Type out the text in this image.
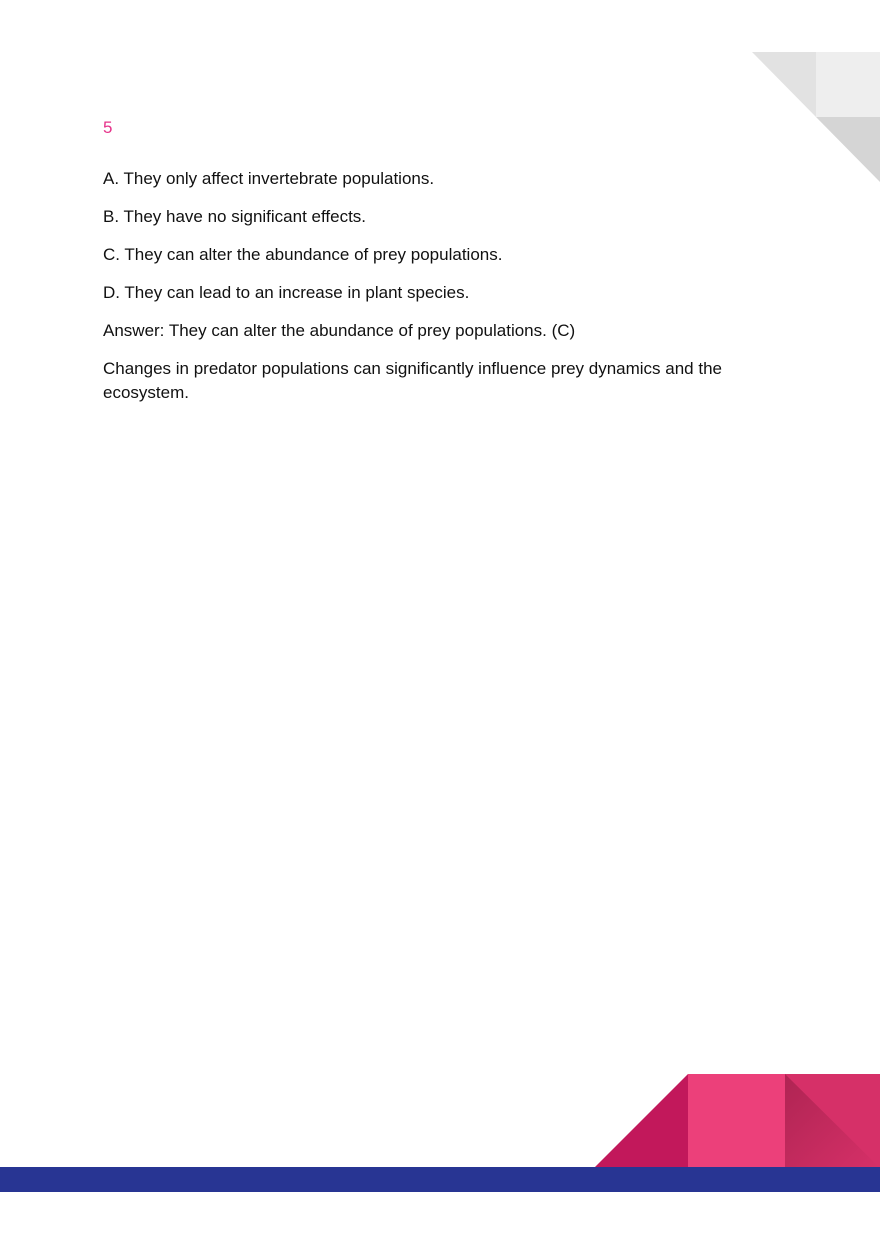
5

A. They only affect invertebrate populations.

B. They have no significant effects.

C. They can alter the abundance of prey populations.

D. They can lead to an increase in plant species.

Answer: They can alter the abundance of prey populations. (C)

Changes in predator populations can significantly influence prey dynamics and the ecosystem.
